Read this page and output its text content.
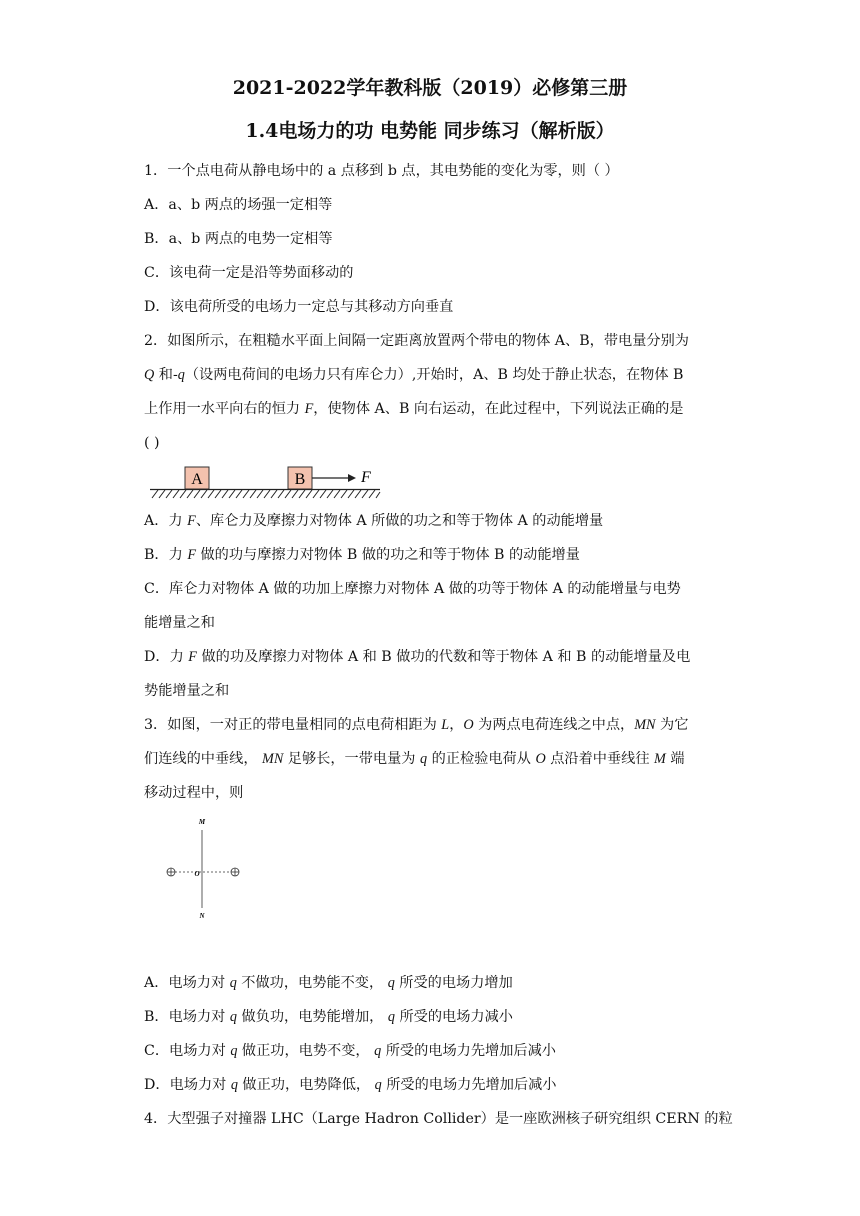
2021-2022学年教科版（2019）必修第三册
1.4电场力的功 电势能 同步练习（解析版）
1．一个点电荷从静电场中的 a 点移到 b 点，其电势能的变化为零，则（ ）
A．a、b 两点的场强一定相等
B．a、b 两点的电势一定相等
C．该电荷一定是沿等势面移动的
D．该电荷所受的电场力一定总与其移动方向垂直
2．如图所示，在粗糙水平面上间隔一定距离放置两个带电的物体 A、B，带电量分别为
Q 和-q（设两电荷间的电场力只有库仑力）,开始时，A、B 均处于静止状态，在物体 B
上作用一水平向右的恒力 F，使物体 A、B 向右运动，在此过程中，下列说法正确的是
( )
A	B	F
A．力 F、库仑力及摩擦力对物体 A 所做的功之和等于物体 A 的动能增量
B．力 F 做的功与摩擦力对物体 B 做的功之和等于物体 B 的动能增量
C．库仑力对物体 A 做的功加上摩擦力对物体 A 做的功等于物体 A 的动能增量与电势
能增量之和
D．力 F 做的功及摩擦力对物体 A 和 B 做功的代数和等于物体 A 和 B 的动能增量及电
势能增量之和
3．如图，一对正的带电量相同的点电荷相距为 L，O 为两点电荷连线之中点，MN 为它
们连线的中垂线， MN 足够长，一带电量为 q 的正检验电荷从 O 点沿着中垂线往 M 端
移动过程中，则
M
O
N
A．电场力对 q 不做功，电势能不变， q 所受的电场力增加
B．电场力对 q 做负功，电势能增加， q 所受的电场力减小
C．电场力对 q 做正功，电势不变， q 所受的电场力先增加后减小
D．电场力对 q 做正功，电势降低， q 所受的电场力先增加后减小
4．大型强子对撞器 LHC（Large Hadron Collider）是一座欧洲核子研究组织 CERN 的粒
